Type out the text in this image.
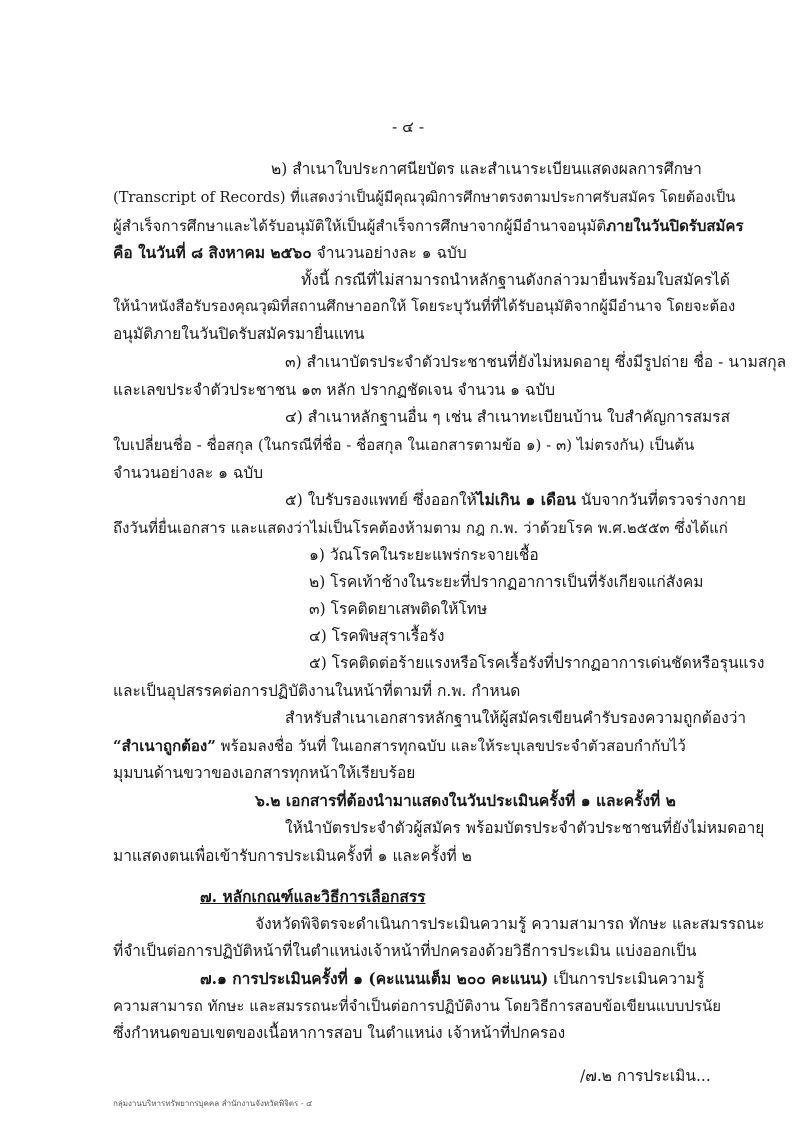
- ๔ -
๒) สำเนาใบประกาศนียบัตร และสำเนาระเบียนแสดงผลการศึกษา
(Transcript of Records) ที่แสดงว่าเป็นผู้มีคุณวุฒิการศึกษาตรงตามประกาศรับสมัคร โดยต้องเป็น
ผู้สำเร็จการศึกษาและได้รับอนุมัติให้เป็นผู้สำเร็จการศึกษาจากผู้มีอำนาจอนุมัติภายในวันปิดรับสมัคร
คือ ในวันที่ ๘ สิงหาคม ๒๕๖๐ จำนวนอย่างละ ๑ ฉบับ
ทั้งนี้ กรณีที่ไม่สามารถนำหลักฐานดังกล่าวมายื่นพร้อมใบสมัครได้
ให้นำหนังสือรับรองคุณวุฒิที่สถานศึกษาออกให้ โดยระบุวันที่ที่ได้รับอนุมัติจากผู้มีอำนาจ โดยจะต้อง
อนุมัติภายในวันปิดรับสมัครมายื่นแทน
๓) สำเนาบัตรประจำตัวประชาชนที่ยังไม่หมดอายุ ซึ่งมีรูปถ่าย ชื่อ - นามสกุล
และเลขประจำตัวประชาชน ๑๓ หลัก ปรากฏชัดเจน จำนวน ๑ ฉบับ
๔) สำเนาหลักฐานอื่น ๆ เช่น สำเนาทะเบียนบ้าน ใบสำคัญการสมรส
ใบเปลี่ยนชื่อ - ชื่อสกุล (ในกรณีที่ชื่อ - ชื่อสกุล ในเอกสารตามข้อ ๑) - ๓) ไม่ตรงกัน) เป็นต้น
จำนวนอย่างละ ๑ ฉบับ
๕) ใบรับรองแพทย์ ซึ่งออกให้ไม่เกิน ๑ เดือน นับจากวันที่ตรวจร่างกาย
ถึงวันที่ยื่นเอกสาร และแสดงว่าไม่เป็นโรคต้องห้ามตาม กฎ ก.พ. ว่าด้วยโรค พ.ศ.๒๕๕๓ ซึ่งได้แก่
๑) วัณโรคในระยะแพร่กระจายเชื้อ
๒) โรคเท้าช้างในระยะที่ปรากฏอาการเป็นที่รังเกียจแก่สังคม
๓) โรคติดยาเสพติดให้โทษ
๔) โรคพิษสุราเรื้อรัง
๕) โรคติดต่อร้ายแรงหรือโรคเรื้อรังที่ปรากฏอาการเด่นชัดหรือรุนแรง
และเป็นอุปสรรคต่อการปฏิบัติงานในหน้าที่ตามที่ ก.พ. กำหนด
สำหรับสำเนาเอกสารหลักฐานให้ผู้สมัครเขียนคำรับรองความถูกต้องว่า
“สำเนาถูกต้อง” พร้อมลงชื่อ วันที่ ในเอกสารทุกฉบับ และให้ระบุเลขประจำตัวสอบกำกับไว้
มุมบนด้านขวาของเอกสารทุกหน้าให้เรียบร้อย
๖.๒ เอกสารที่ต้องนำมาแสดงในวันประเมินครั้งที่ ๑ และครั้งที่ ๒
ให้นำบัตรประจำตัวผู้สมัคร พร้อมบัตรประจำตัวประชาชนที่ยังไม่หมดอายุ
มาแสดงตนเพื่อเข้ารับการประเมินครั้งที่ ๑ และครั้งที่ ๒
๗. หลักเกณฑ์และวิธีการเลือกสรร
จังหวัดพิจิตรจะดำเนินการประเมินความรู้ ความสามารถ ทักษะ และสมรรถนะ
ที่จำเป็นต่อการปฏิบัติหน้าที่ในตำแหน่งเจ้าหน้าที่ปกครองด้วยวิธีการประเมิน แบ่งออกเป็น
๗.๑ การประเมินครั้งที่ ๑ (คะแนนเต็ม ๒๐๐ คะแนน) เป็นการประเมินความรู้
ความสามารถ ทักษะ และสมรรถนะที่จำเป็นต่อการปฏิบัติงาน โดยวิธีการสอบข้อเขียนแบบปรนัย
ซึ่งกำหนดขอบเขตของเนื้อหาการสอบ ในตำแหน่ง เจ้าหน้าที่ปกครอง
/๗.๒ การประเมิน...
กลุ่มงานบริหารทรัพยากรบุคคล สำนักงานจังหวัดพิจิตร - ๔
